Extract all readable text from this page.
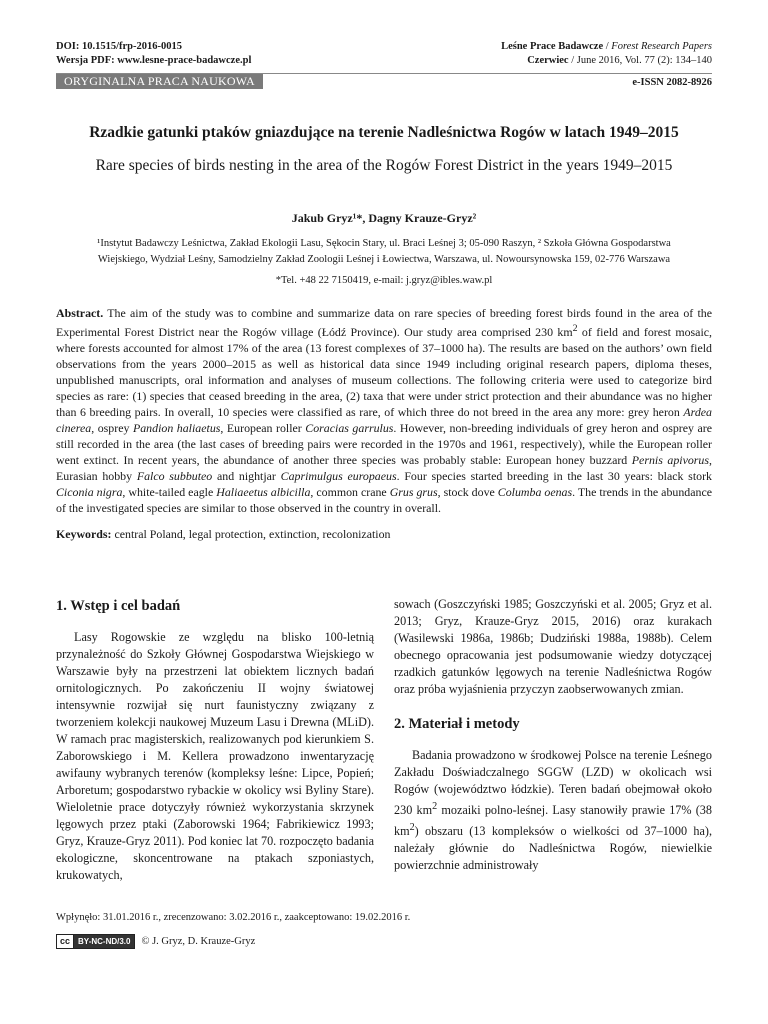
DOI: 10.1515/frp-2016-0015
Wersja PDF: www.lesne-prace-badawcze.pl
Leśne Prace Badawcze / Forest Research Papers
Czerwiec / June 2016, Vol. 77 (2): 134–140
ORYGINALNA PRACA NAUKOWA	e-ISSN 2082-8926
Rzadkie gatunki ptaków gniazdujące na terenie Nadleśnictwa Rogów w latach 1949–2015
Rare species of birds nesting in the area of the Rogów Forest District in the years 1949–2015
Jakub Gryz¹*, Dagny Krauze-Gryz²
¹Instytut Badawczy Leśnictwa, Zakład Ekologii Lasu, Sękocin Stary, ul. Braci Leśnej 3; 05-090 Raszyn, ² Szkoła Główna Gospodarstwa
Wiejskiego, Wydział Leśny, Samodzielny Zakład Zoologii Leśnej i Łowiectwa, Warszawa, ul. Nowoursynowska 159, 02-776 Warszawa
*Tel. +48 22 7150419, e-mail: j.gryz@ibles.waw.pl
Abstract. The aim of the study was to combine and summarize data on rare species of breeding forest birds found in the area of the Experimental Forest District near the Rogów village (Łódź Province). Our study area comprised 230 $km^2$ of field and forest mosaic, where forests accounted for almost 17% of the area (13 forest complexes of 37–1000 ha). The results are based on the authors’ own field observations from the years 2000–2015 as well as historical data since 1949 including original research papers, diploma theses, unpublished manuscripts, oral information and analyses of museum collections. The following criteria were used to categorize bird species as rare: (1) species that ceased breeding in the area, (2) taxa that were under strict protection and their abundance was no higher than 6 breeding pairs. In overall, 10 species were classified as rare, of which three do not breed in the area any more: grey heron Ardea cinerea, osprey Pandion haliaetus, European roller Coracias garrulus. However, non-breeding individuals of grey heron and osprey are still recorded in the area (the last cases of breeding pairs were recorded in the 1970s and 1961, respectively), while the European roller went extinct. In recent years, the abundance of another three species was probably stable: European honey buzzard Pernis apivorus, Eurasian hobby Falco subbuteo and nightjar Caprimulgus europaeus. Four species started breeding in the last 30 years: black stork Ciconia nigra, white-tailed eagle Haliaeetus albicilla, common crane Grus grus, stock dove Columba oenas. The trends in the abundance of the investigated species are similar to those observed in the country in overall.
Keywords: central Poland, legal protection, extinction, recolonization
1. Wstęp i cel badań

Lasy Rogowskie ze względu na blisko 100-letnią przynależność do Szkoły Głównej Gospodarstwa Wiejskiego w Warszawie były na przestrzeni lat obiektem licznych badań ornitologicznych. Po zakończeniu II wojny światowej intensywnie rozwijał się nurt faunistyczny związany z tworzeniem kolekcji naukowej Muzeum Lasu i Drewna (MLiD). W ramach prac magisterskich, realizowanych pod kierunkiem S. Zaborowskiego i M. Kellera prowadzono inwentaryzację awifauny wybranych terenów (kompleksy leśne: Lipce, Popień; Arboretum; gospodarstwo rybackie w okolicy wsi Byliny Stare). Wieloletnie prace dotyczyły również wykorzystania skrzynek lęgowych przez ptaki (Zaborowski 1964; Fabrikiewicz 1993; Gryz, Krauze-Gryz 2011). Pod koniec lat 70. rozpoczęto badania ekologiczne, skoncentrowane na ptakach szponiastych, krukowatych,

sowach (Goszczyński 1985; Goszczyński et al. 2005; Gryz et al. 2013; Gryz, Krauze-Gryz 2015, 2016) oraz kurakach (Wasilewski 1986a, 1986b; Dudziński 1988a, 1988b). Celem obecnego opracowania jest podsumowanie wiedzy dotyczącej rzadkich gatunków lęgowych na terenie Nadleśnictwa Rogów oraz próba wyjaśnienia przyczyn zaobserwowanych zmian.

2. Materiał i metody

Badania prowadzono w środkowej Polsce na terenie Leśnego Zakładu Doświadczalnego SGGW (LZD) w okolicach wsi Rogów (województwo łódzkie). Teren badań obejmował około 230 $km^2$ mozaiki polno-leśnej. Lasy stanowiły prawie 17% (38 $km^2$) obszaru (13 kompleksów o wielkości od 37–1000 ha), należały głównie do Nadleśnictwa Rogów, niewielkie powierzchnie administrowały

Wpłynęło: 31.01.2016 r., zrecenzowano: 3.02.2016 r., zaakceptowano: 19.02.2016 r.
cc	BY-NC-ND/3.0	© J. Gryz, D. Krauze-Gryz
